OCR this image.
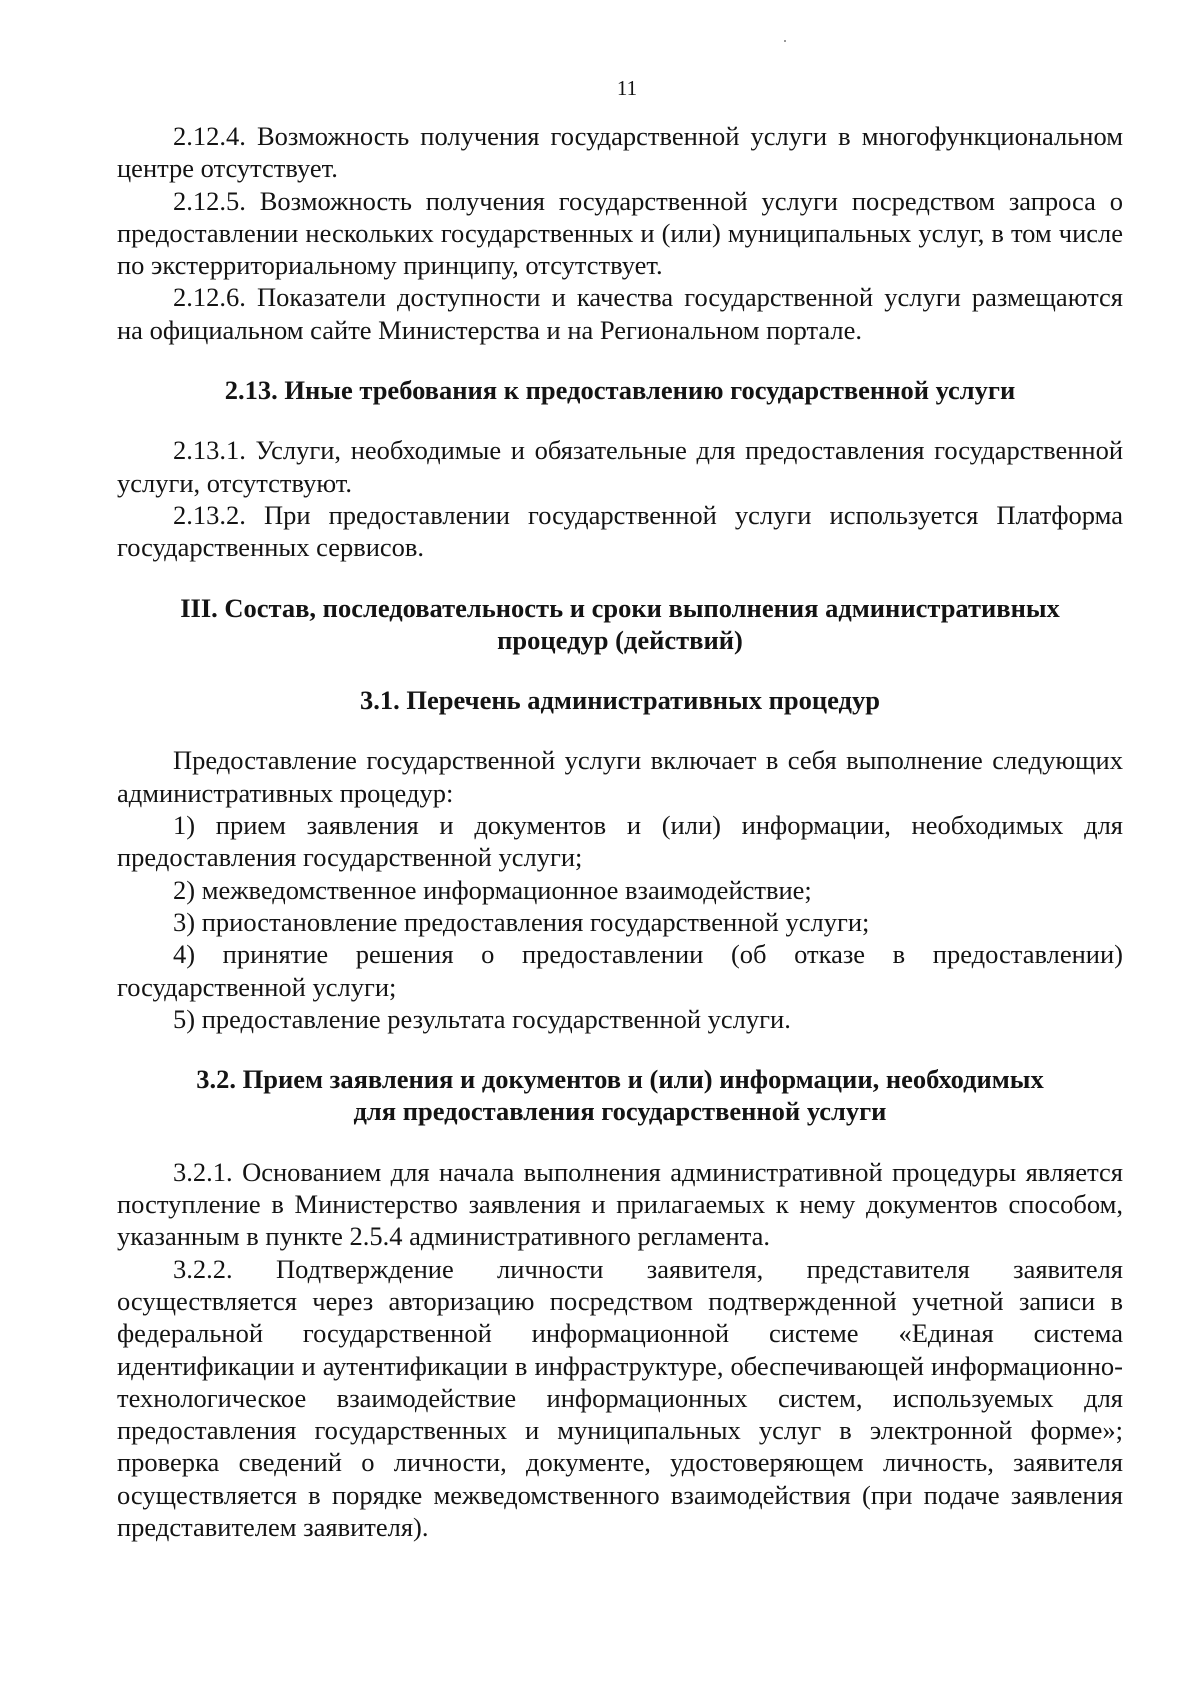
11

2.12.4. Возможность получения государственной услуги в многофункциональном центре отсутствует.

2.12.5. Возможность получения государственной услуги посредством запроса о предоставлении нескольких государственных и (или) муниципальных услуг, в том числе по экстерриториальному принципу, отсутствует.

2.12.6. Показатели доступности и качества государственной услуги размещаются на официальном сайте Министерства и на Региональном портале.

2.13. Иные требования к предоставлению государственной услуги

2.13.1. Услуги, необходимые и обязательные для предоставления государственной услуги, отсутствуют.

2.13.2. При предоставлении государственной услуги используется Платформа государственных сервисов.

III. Состав, последовательность и сроки выполнения административных

процедур (действий)

3.1. Перечень административных процедур

Предоставление государственной услуги включает в себя выполнение следующих административных процедур:

1) прием заявления и документов и (или) информации, необходимых для предоставления государственной услуги;

2) межведомственное информационное взаимодействие;

3) приостановление предоставления государственной услуги;

4) принятие решения о предоставлении (об отказе в предоставлении) государственной услуги;

5) предоставление результата государственной услуги.

3.2. Прием заявления и документов и (или) информации, необходимых

для предоставления государственной услуги

3.2.1. Основанием для начала выполнения административной процедуры является поступление в Министерство заявления и прилагаемых к нему документов способом, указанным в пункте 2.5.4 административного регламента.

3.2.2. Подтверждение личности заявителя, представителя заявителя осуществляется через авторизацию посредством подтвержденной учетной записи в федеральной государственной информационной системе «Единая система идентификации и аутентификации в инфраструктуре, обеспечивающей информационно-технологическое взаимодействие информационных систем, используемых для предоставления государственных и муниципальных услуг в электронной форме»; проверка сведений о личности, документе, удостоверяющем личность, заявителя осуществляется в порядке межведомственного взаимодействия (при подаче заявления представителем заявителя).
